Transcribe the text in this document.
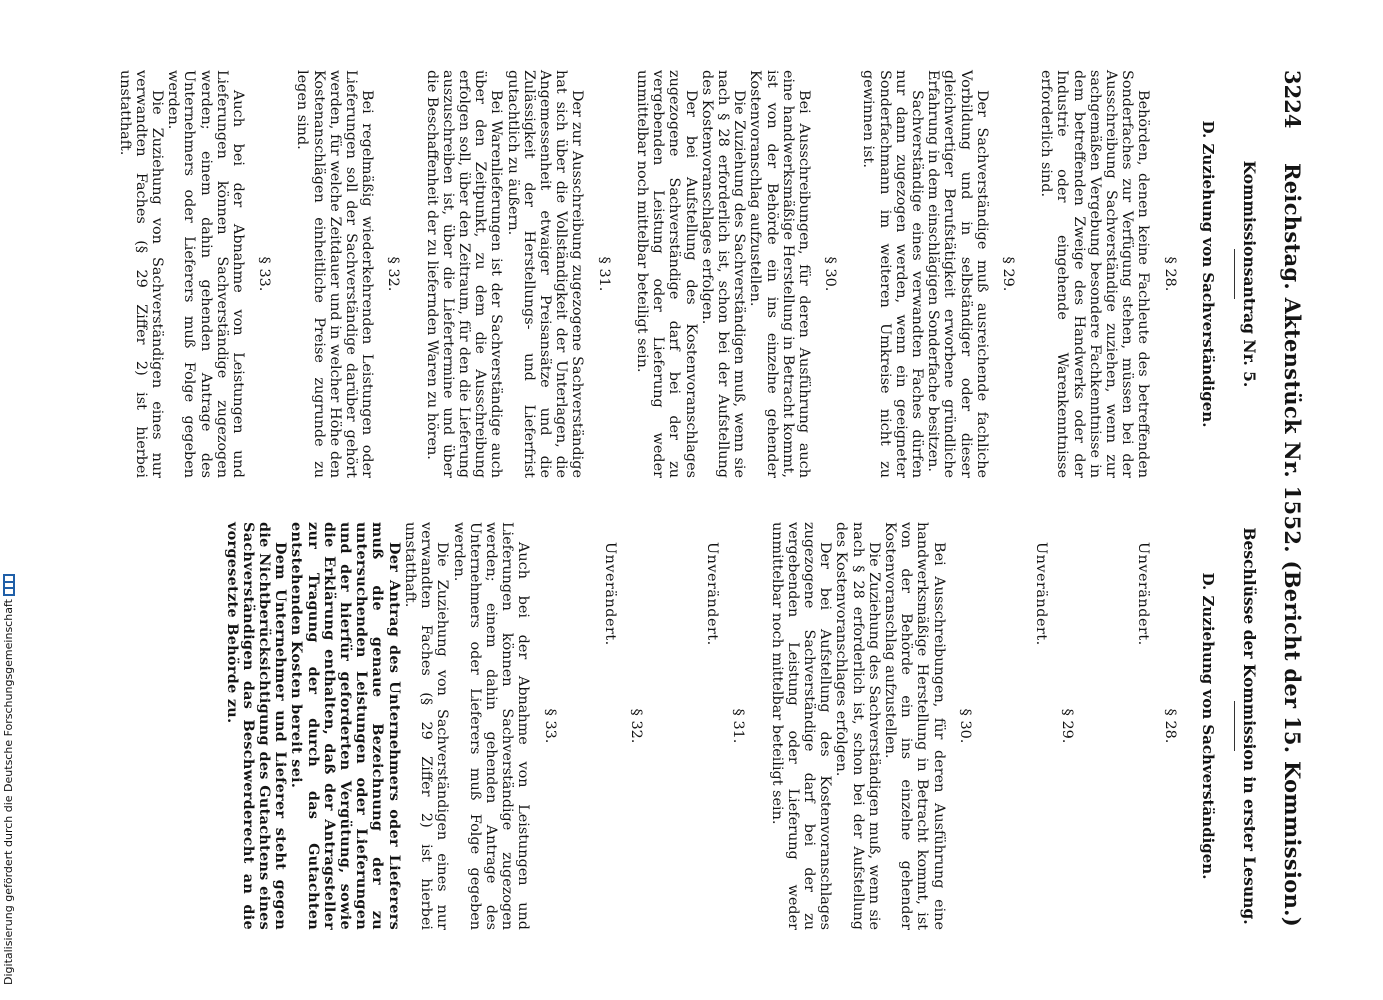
Digitalisierung gefördert durch die Deutsche Forschungsgemeinschaft
3224
Reichstag. Aktenstück Nr. 1552. (Bericht der 15. Kommission.)
Kommissionsantrag Nr. 5.
D. Zuziehung von Sachverständigen.
§ 28.

Behörden, denen keine Fachleute des betreffenden Sonderfaches zur Verfügung stehen, müssen bei der Ausschreibung Sachverständige zuziehen, wenn zur sachgemäßen Vergebung besondere Fachkenntnisse in dem betreffenden Zweige des Handwerks oder der Industrie oder eingehende Warenkenntnisse erforderlich sind.

§ 29.

Der Sachverständige muß ausreichende fachliche Vorbildung und in selbständiger oder dieser gleichwertiger Berufstätigkeit erworbene gründliche Erfahrung in dem einschlägigen Sonderfache besitzen.

Sachverständige eines verwandten Faches dürfen nur dann zugezogen werden, wenn ein geeigneter Sonderfachmann im weiteren Umkreise nicht zu gewinnen ist.

§ 30.

Bei Ausschreibungen, für deren Ausführung auch eine handwerksmäßige Herstellung in Betracht kommt, ist von der Behörde ein ins einzelne gehender Kostenvoranschlag aufzustellen.

Die Zuziehung des Sachverständigen muß, wenn sie nach § 28 erforderlich ist, schon bei der Aufstellung des Kostenvoranschlages erfolgen.

Der bei Aufstellung des Kostenvoranschlages zugezogene Sachverständige darf bei der zu vergebenden Leistung oder Lieferung weder unmittelbar noch mittelbar beteiligt sein.

§ 31.

Der zur Ausschreibung zugezogene Sachverständige hat sich über die Vollständigkeit der Unterlagen, die Angemessenheit etwaiger Preisansätze und die Zulässigkeit der Herstellungs- und Lieferfrist gutachtlich zu äußern.

Bei Warenlieferungen ist der Sachverständige auch über den Zeitpunkt, zu dem die Ausschreibung erfolgen soll, über den Zeitraum, für den die Lieferung auszuschreiben ist, über die Liefertermine und über die Beschaffenheit der zu liefernden Waren zu hören.

§ 32.

Bei regelmäßig wiederkehrenden Leistungen oder Lieferungen soll der Sachverständige darüber gehört werden, für welche Zeitdauer und in welcher Höhe den Kostenanschlägen einheitliche Preise zugrunde zu legen sind.

§ 33.

Auch bei der Abnahme von Leistungen und Lieferungen können Sachverständige zugezogen werden; einem dahin gehenden Antrage des Unternehmers oder Lieferers muß Folge gegeben werden.

Die Zuziehung von Sachverständigen eines nur verwandten Faches (§ 29 Ziffer 2) ist hierbei unstatthaft.

Beschlüsse der Kommission in erster Lesung.
D. Zuziehung von Sachverständigen.
§ 28.
Unverändert.
§ 29.
Unverändert.
§ 30.

Bei Ausschreibungen, für deren Ausführung eine handwerksmäßige Herstellung in Betracht kommt, ist von der Behörde ein ins einzelne gehender Kostenvoranschlag aufzustellen.

Die Zuziehung des Sachverständigen muß, wenn sie nach § 28 erforderlich ist, schon bei der Aufstellung des Kostenvoranschlages erfolgen.

Der bei Aufstellung des Kostenvoranschlages zugezogene Sachverständige darf bei der zu vergebenden Leistung oder Lieferung weder unmittelbar noch mittelbar beteiligt sein.

§ 31.
Unverändert.
§ 32.
Unverändert.
§ 33.

Auch bei der Abnahme von Leistungen und Lieferungen können Sachverständige zugezogen werden; einem dahin gehenden Antrage des Unternehmers oder Lieferers muß Folge gegeben werden.

Die Zuziehung von Sachverständigen eines nur verwandten Faches (§ 29 Ziffer 2) ist hierbei unstatthaft.

Der Antrag des Unternehmers oder Lieferers muß die genaue Bezeichnung der zu untersuchenden Leistungen oder Lieferungen und der hierfür geforderten Vergütung, sowie die Erklärung enthalten, daß der Antragsteller zur Tragung der durch das Gutachten entstehenden Kosten bereit sei.

Dem Unternehmer und Lieferer steht gegen die Nichtberücksichtigung des Gutachtens eines Sachverständigen das Beschwerderecht an die vorgesetzte Behörde zu.
